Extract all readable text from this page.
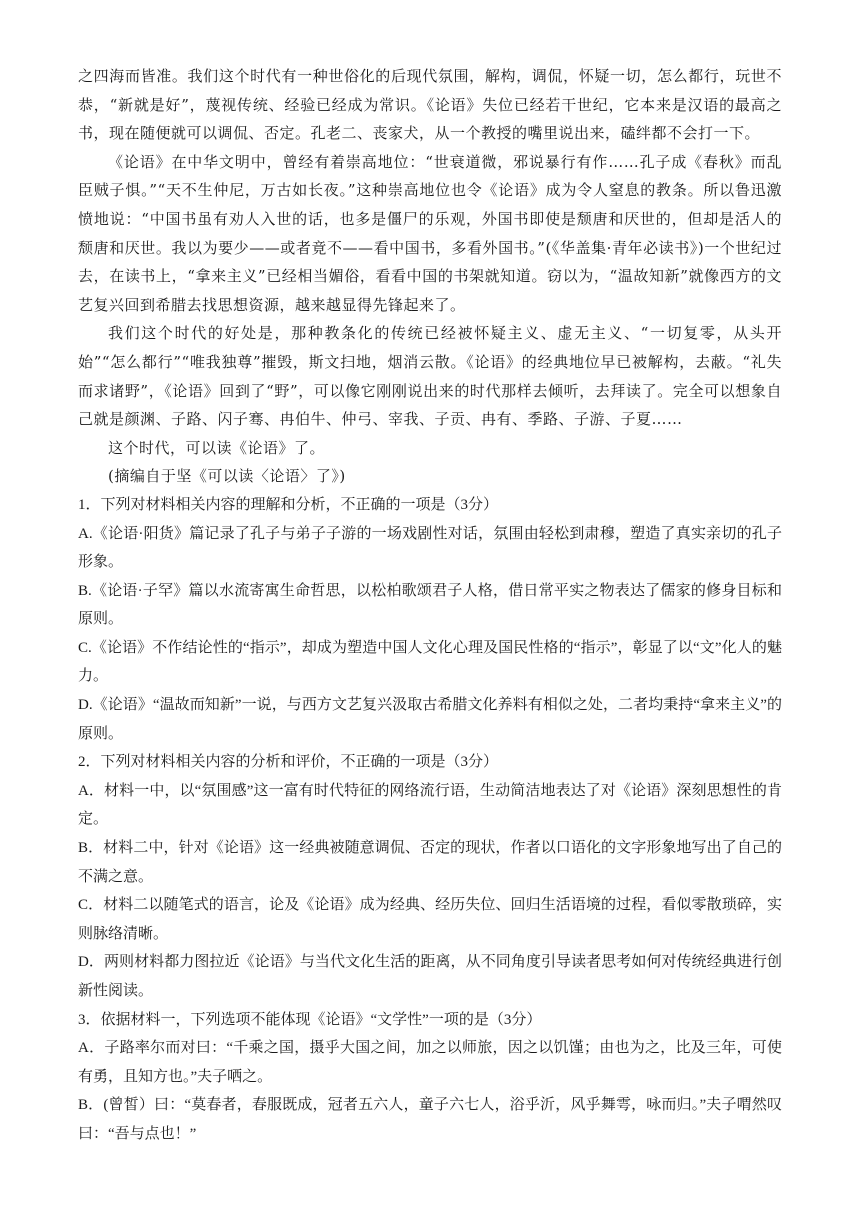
之四海而皆准。我们这个时代有一种世俗化的后现代氛围，解构，调侃，怀疑一切，怎么都行，玩世不恭，“新就是好”，蔑视传统、经验已经成为常识。《论语》失位已经若干世纪，它本来是汉语的最高之书，现在随便就可以调侃、否定。孔老二、丧家犬，从一个教授的嘴里说出来，磕绊都不会打一下。

《论语》在中华文明中，曾经有着崇高地位：“世衰道微，邪说暴行有作……孔子成《春秋》而乱臣贼子惧。”“天不生仲尼，万古如长夜。”这种崇高地位也令《论语》成为令人窒息的教条。所以鲁迅激愤地说：“中国书虽有劝人入世的话，也多是僵尸的乐观，外国书即使是颓唐和厌世的，但却是活人的颓唐和厌世。我以为要少——或者竟不——看中国书，多看外国书。”(《华盖集·青年必读书》)一个世纪过去，在读书上，“拿来主义”已经相当媚俗，看看中国的书架就知道。窃以为，“温故知新”就像西方的文艺复兴回到希腊去找思想资源，越来越显得先锋起来了。

我们这个时代的好处是，那种教条化的传统已经被怀疑主义、虚无主义、“一切复零，从头开始”“怎么都行”“唯我独尊”摧毁，斯文扫地，烟消云散。《论语》的经典地位早已被解构，去蔽。“礼失而求诸野”，《论语》回到了“野”，可以像它刚刚说出来的时代那样去倾听，去拜读了。完全可以想象自己就是颜渊、子路、闪子骞、冉伯牛、仲弓、宰我、子贡、冉有、季路、子游、子夏……

这个时代，可以读《论语》了。

(摘编自于坚《可以读〈论语〉了》)

1．下列对材料相关内容的理解和分析，不正确的一项是（3分）

A.《论语·阳货》篇记录了孔子与弟子子游的一场戏剧性对话，氛围由轻松到肃穆，塑造了真实亲切的孔子形象。

B.《论语·子罕》篇以水流寄寓生命哲思，以松柏歌颂君子人格，借日常平实之物表达了儒家的修身目标和原则。

C.《论语》不作结论性的“指示”，却成为塑造中国人文化心理及国民性格的“指示”，彰显了以“文”化人的魅力。

D.《论语》“温故而知新”一说，与西方文艺复兴汲取古希腊文化养料有相似之处，二者均秉持“拿来主义”的原则。

2．下列对材料相关内容的分析和评价，不正确的一项是（3分）

A．材料一中，以“氛围感”这一富有时代特征的网络流行语，生动简洁地表达了对《论语》深刻思想性的肯定。

B．材料二中，针对《论语》这一经典被随意调侃、否定的现状，作者以口语化的文字形象地写出了自己的不满之意。

C．材料二以随笔式的语言，论及《论语》成为经典、经历失位、回归生活语境的过程，看似零散琐碎，实则脉络清晰。

D．两则材料都力图拉近《论语》与当代文化生活的距离，从不同角度引导读者思考如何对传统经典进行创新性阅读。

3．依据材料一，下列选项不能体现《论语》“文学性”一项的是（3分）

A．子路率尔而对曰：“千乘之国，摄乎大国之间，加之以师旅，因之以饥馑；由也为之，比及三年，可使有勇，且知方也。”夫子哂之。

B．(曾皙）曰：“莫春者，春服既成，冠者五六人，童子六七人，浴乎沂，风乎舞雩，咏而归。”夫子喟然叹曰：“吾与点也！”
